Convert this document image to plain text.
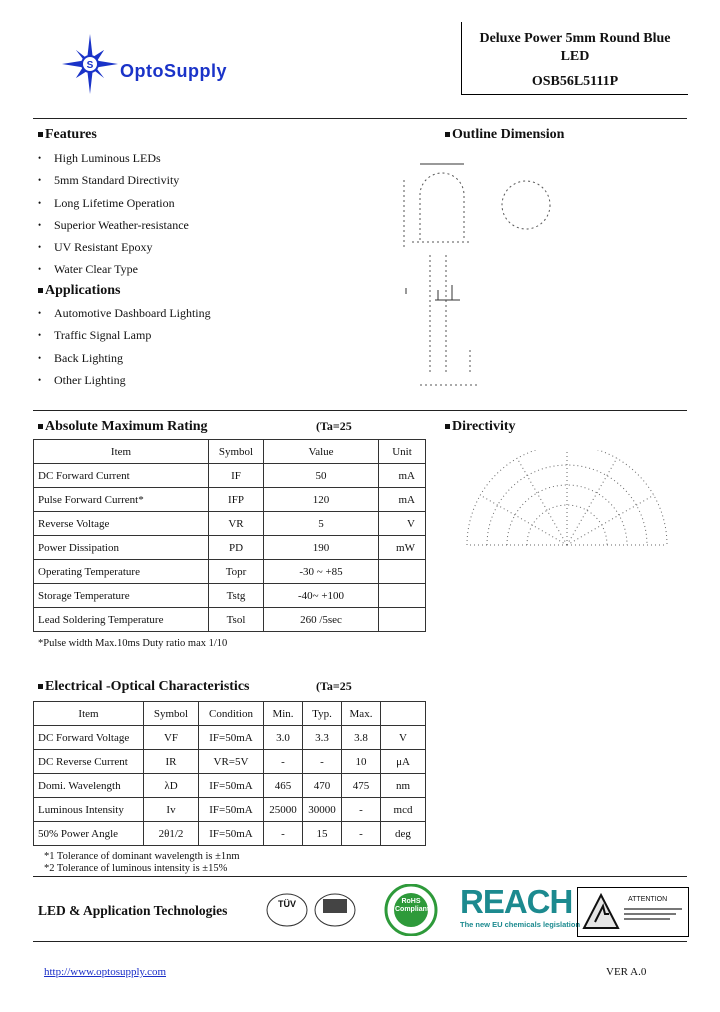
S OptoSupply
Deluxe Power 5mm Round Blue
LED
OSB56L5111P
Features
• High Luminous LEDs
• 5mm Standard Directivity
• Long Lifetime Operation
• Superior Weather-resistance
• UV Resistant Epoxy
• Water Clear Type
Applications
• Automotive Dashboard Lighting
• Traffic Signal Lamp
• Back Lighting
• Other Lighting
Outline Dimension
Absolute Maximum Rating	(Ta=25
Item	Symbol	Value	Unit
DC Forward Current	IF	50	mA
Pulse Forward Current*	IFP	120	mA
Reverse Voltage	VR	5	V
Power Dissipation	PD	190	mW
Operating Temperature	Topr	-30 ~ +85	
Storage Temperature	Tstg	-40~ +100	
Lead Soldering Temperature	Tsol	260 /5sec	
*Pulse width Max.10ms Duty ratio max 1/10
Directivity
Electrical -Optical Characteristics	(Ta=25
Item	Symbol	Condition	Min.	Typ.	Max.	
DC Forward Voltage	VF	IF=50mA	3.0	3.3	3.8	V
DC Reverse Current	IR	VR=5V	-	-	10	μA
Domi. Wavelength	λD	IF=50mA	465	470	475	nm
Luminous Intensity	Iv	IF=50mA	25000	30000	-	mcd
50% Power Angle	2θ1/2	IF=50mA	-	15	-	deg
*1 Tolerance of dominant wavelength is ±1nm
*2 Tolerance of luminous intensity is ±15%
LED & Application Technologies	TÜV	RoHS Compliant REACH
The new EU chemicals legislation
ATTENTION
http://www.optosupply.com	VER A.0
